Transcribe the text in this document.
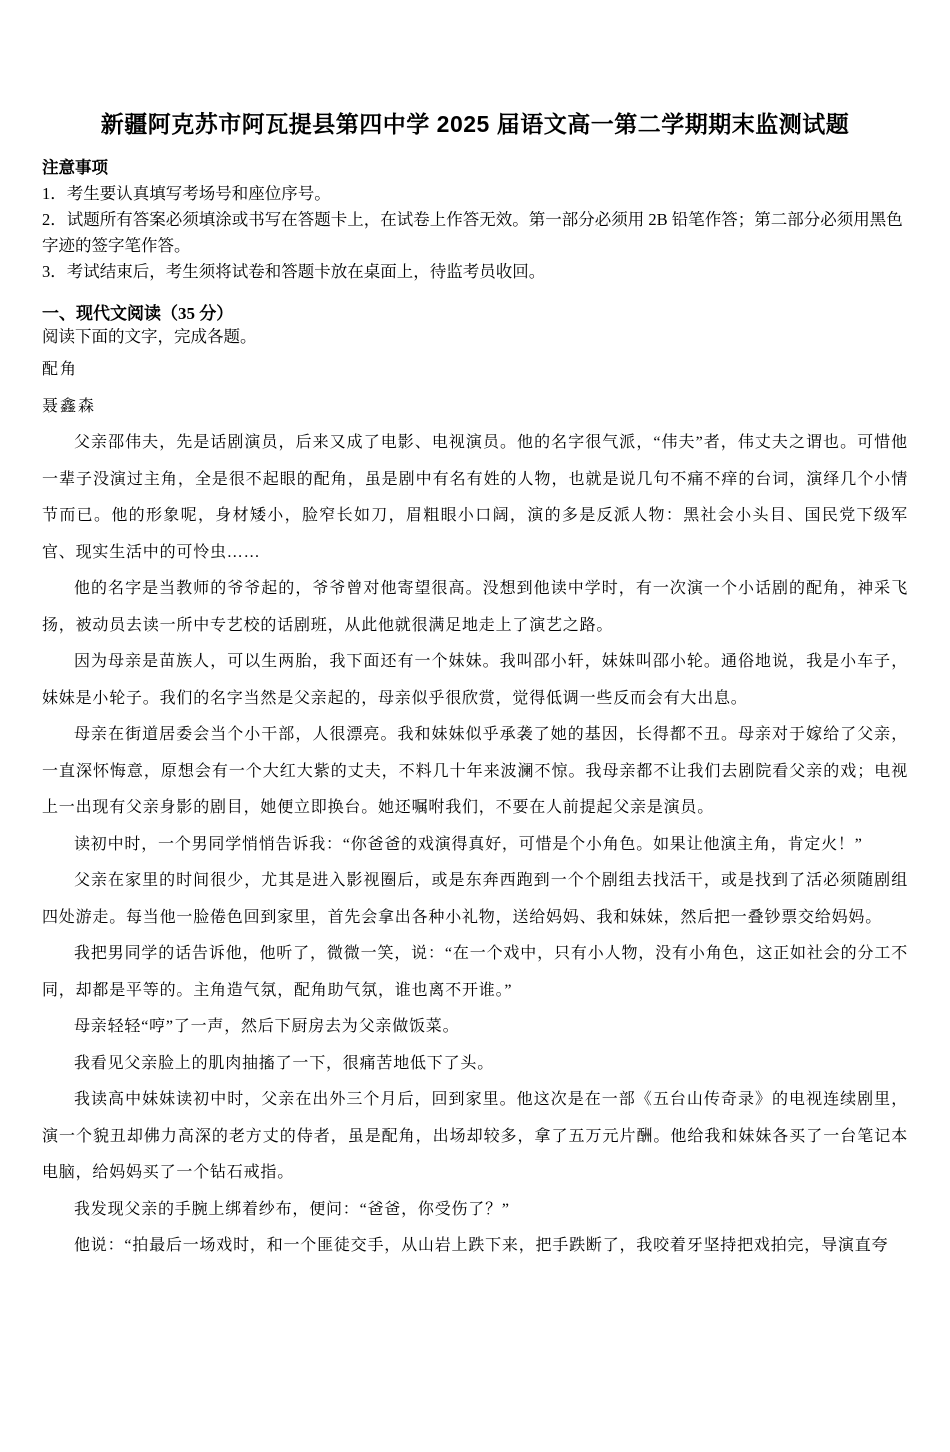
新疆阿克苏市阿瓦提县第四中学 2025 届语文高一第二学期期末监测试题

注意事项

1．考生要认真填写考场号和座位序号。

2．试题所有答案必须填涂或书写在答题卡上，在试卷上作答无效。第一部分必须用 2B 铅笔作答；第二部分必须用黑色字迹的签字笔作答。

3．考试结束后，考生须将试卷和答题卡放在桌面上，待监考员收回。

一、现代文阅读（35 分）

阅读下面的文字，完成各题。

配角

聂鑫森

父亲邵伟夫，先是话剧演员，后来又成了电影、电视演员。他的名字很气派，“伟夫”者，伟丈夫之谓也。可惜他一辈子没演过主角，全是很不起眼的配角，虽是剧中有名有姓的人物，也就是说几句不痛不痒的台词，演绎几个小情节而已。他的形象呢，身材矮小，脸窄长如刀，眉粗眼小口阔，演的多是反派人物：黑社会小头目、国民党下级军官、现实生活中的可怜虫……

他的名字是当教师的爷爷起的，爷爷曾对他寄望很高。没想到他读中学时，有一次演一个小话剧的配角，神采飞扬，被动员去读一所中专艺校的话剧班，从此他就很满足地走上了演艺之路。

因为母亲是苗族人，可以生两胎，我下面还有一个妹妹。我叫邵小轩，妹妹叫邵小轮。通俗地说，我是小车子，妹妹是小轮子。我们的名字当然是父亲起的，母亲似乎很欣赏，觉得低调一些反而会有大出息。

母亲在街道居委会当个小干部，人很漂亮。我和妹妹似乎承袭了她的基因，长得都不丑。母亲对于嫁给了父亲，一直深怀悔意，原想会有一个大红大紫的丈夫，不料几十年来波澜不惊。我母亲都不让我们去剧院看父亲的戏；电视上一出现有父亲身影的剧目，她便立即换台。她还嘱咐我们，不要在人前提起父亲是演员。

读初中时，一个男同学悄悄告诉我：“你爸爸的戏演得真好，可惜是个小角色。如果让他演主角，肯定火！”

父亲在家里的时间很少，尤其是进入影视圈后，或是东奔西跑到一个个剧组去找活干，或是找到了活必须随剧组四处游走。每当他一脸倦色回到家里，首先会拿出各种小礼物，送给妈妈、我和妹妹，然后把一叠钞票交给妈妈。

我把男同学的话告诉他，他听了，微微一笑，说：“在一个戏中，只有小人物，没有小角色，这正如社会的分工不同，却都是平等的。主角造气氛，配角助气氛，谁也离不开谁。”

母亲轻轻“哼”了一声，然后下厨房去为父亲做饭菜。

我看见父亲脸上的肌肉抽搐了一下，很痛苦地低下了头。

我读高中妹妹读初中时，父亲在出外三个月后，回到家里。他这次是在一部《五台山传奇录》的电视连续剧里，演一个貌丑却佛力高深的老方丈的侍者，虽是配角，出场却较多，拿了五万元片酬。他给我和妹妹各买了一台笔记本电脑，给妈妈买了一个钻石戒指。

我发现父亲的手腕上绑着纱布，便问：“爸爸，你受伤了？”

他说：“拍最后一场戏时，和一个匪徒交手，从山岩上跌下来，把手跌断了，我咬着牙坚持把戏拍完，导演直夸
